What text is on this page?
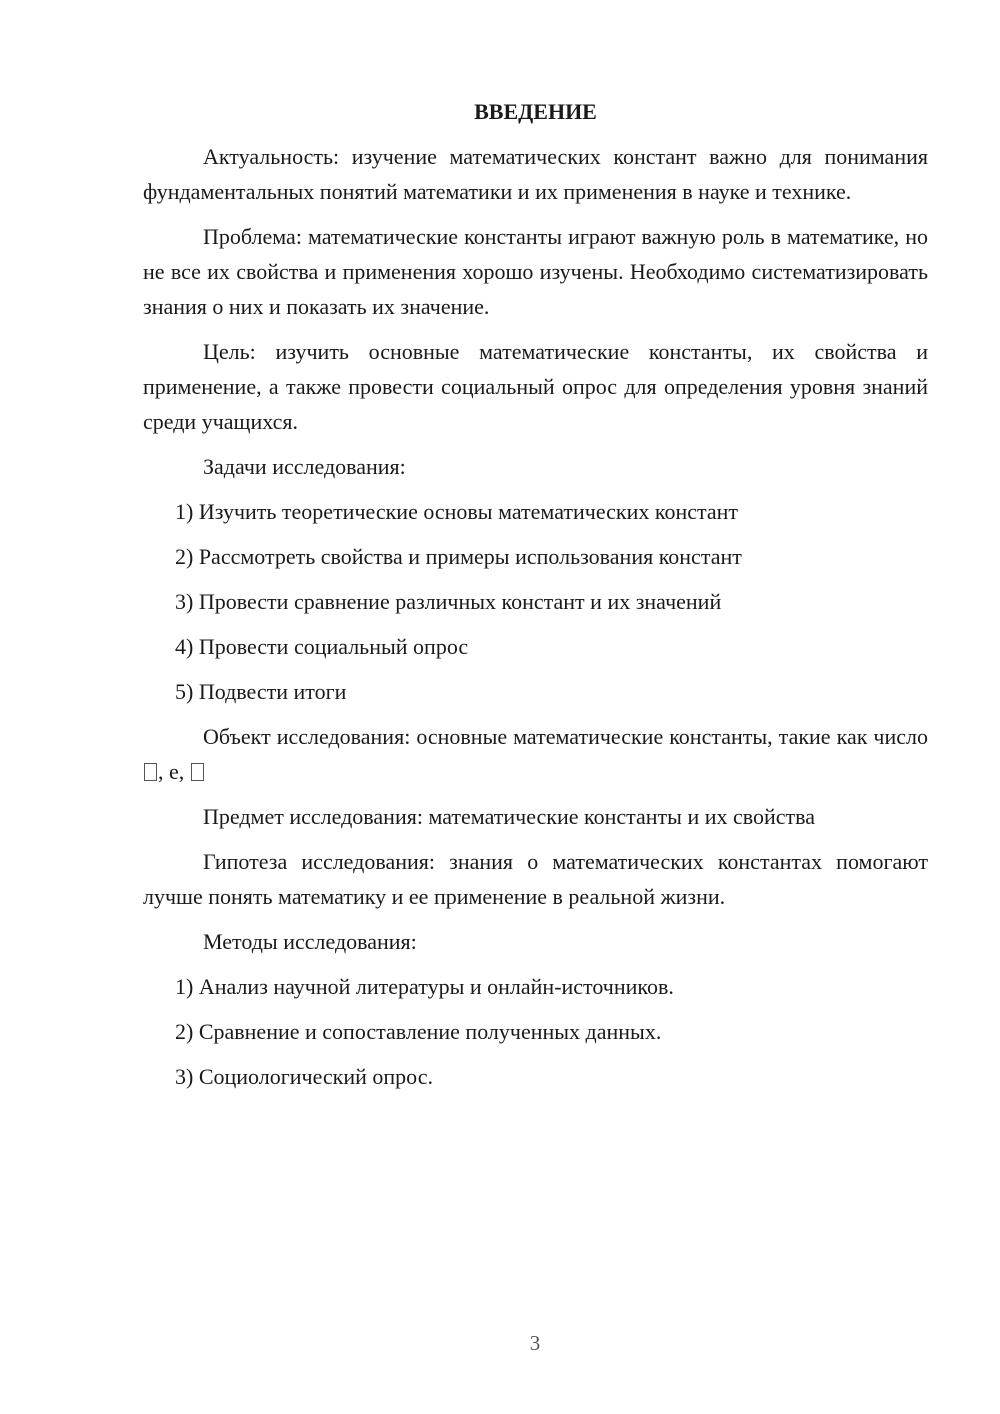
ВВЕДЕНИЕ

Актуальность: изучение математических констант важно для понимания фундаментальных понятий математики и их применения в науке и технике.

Проблема: математические константы играют важную роль в математике, но не все их свойства и применения хорошо изучены. Необходимо систематизировать знания о них и показать их значение.

Цель: изучить основные математические константы, их свойства и применение, а также провести социальный опрос для определения уровня знаний среди учащихся.

Задачи исследования:

1) Изучить теоретические основы математических констант
2) Рассмотреть свойства и примеры использования констант
3) Провести сравнение различных констант и их значений
4) Провести социальный опрос
5) Подвести итоги

Объект исследования: основные математические константы, такие как число , e,

Предмет исследования: математические константы и их свойства

Гипотеза исследования: знания о математических константах помогают лучше понять математику и ее применение в реальной жизни.

Методы исследования:

1) Анализ научной литературы и онлайн-источников.
2) Сравнение и сопоставление полученных данных.
3) Социологический опрос.
3
